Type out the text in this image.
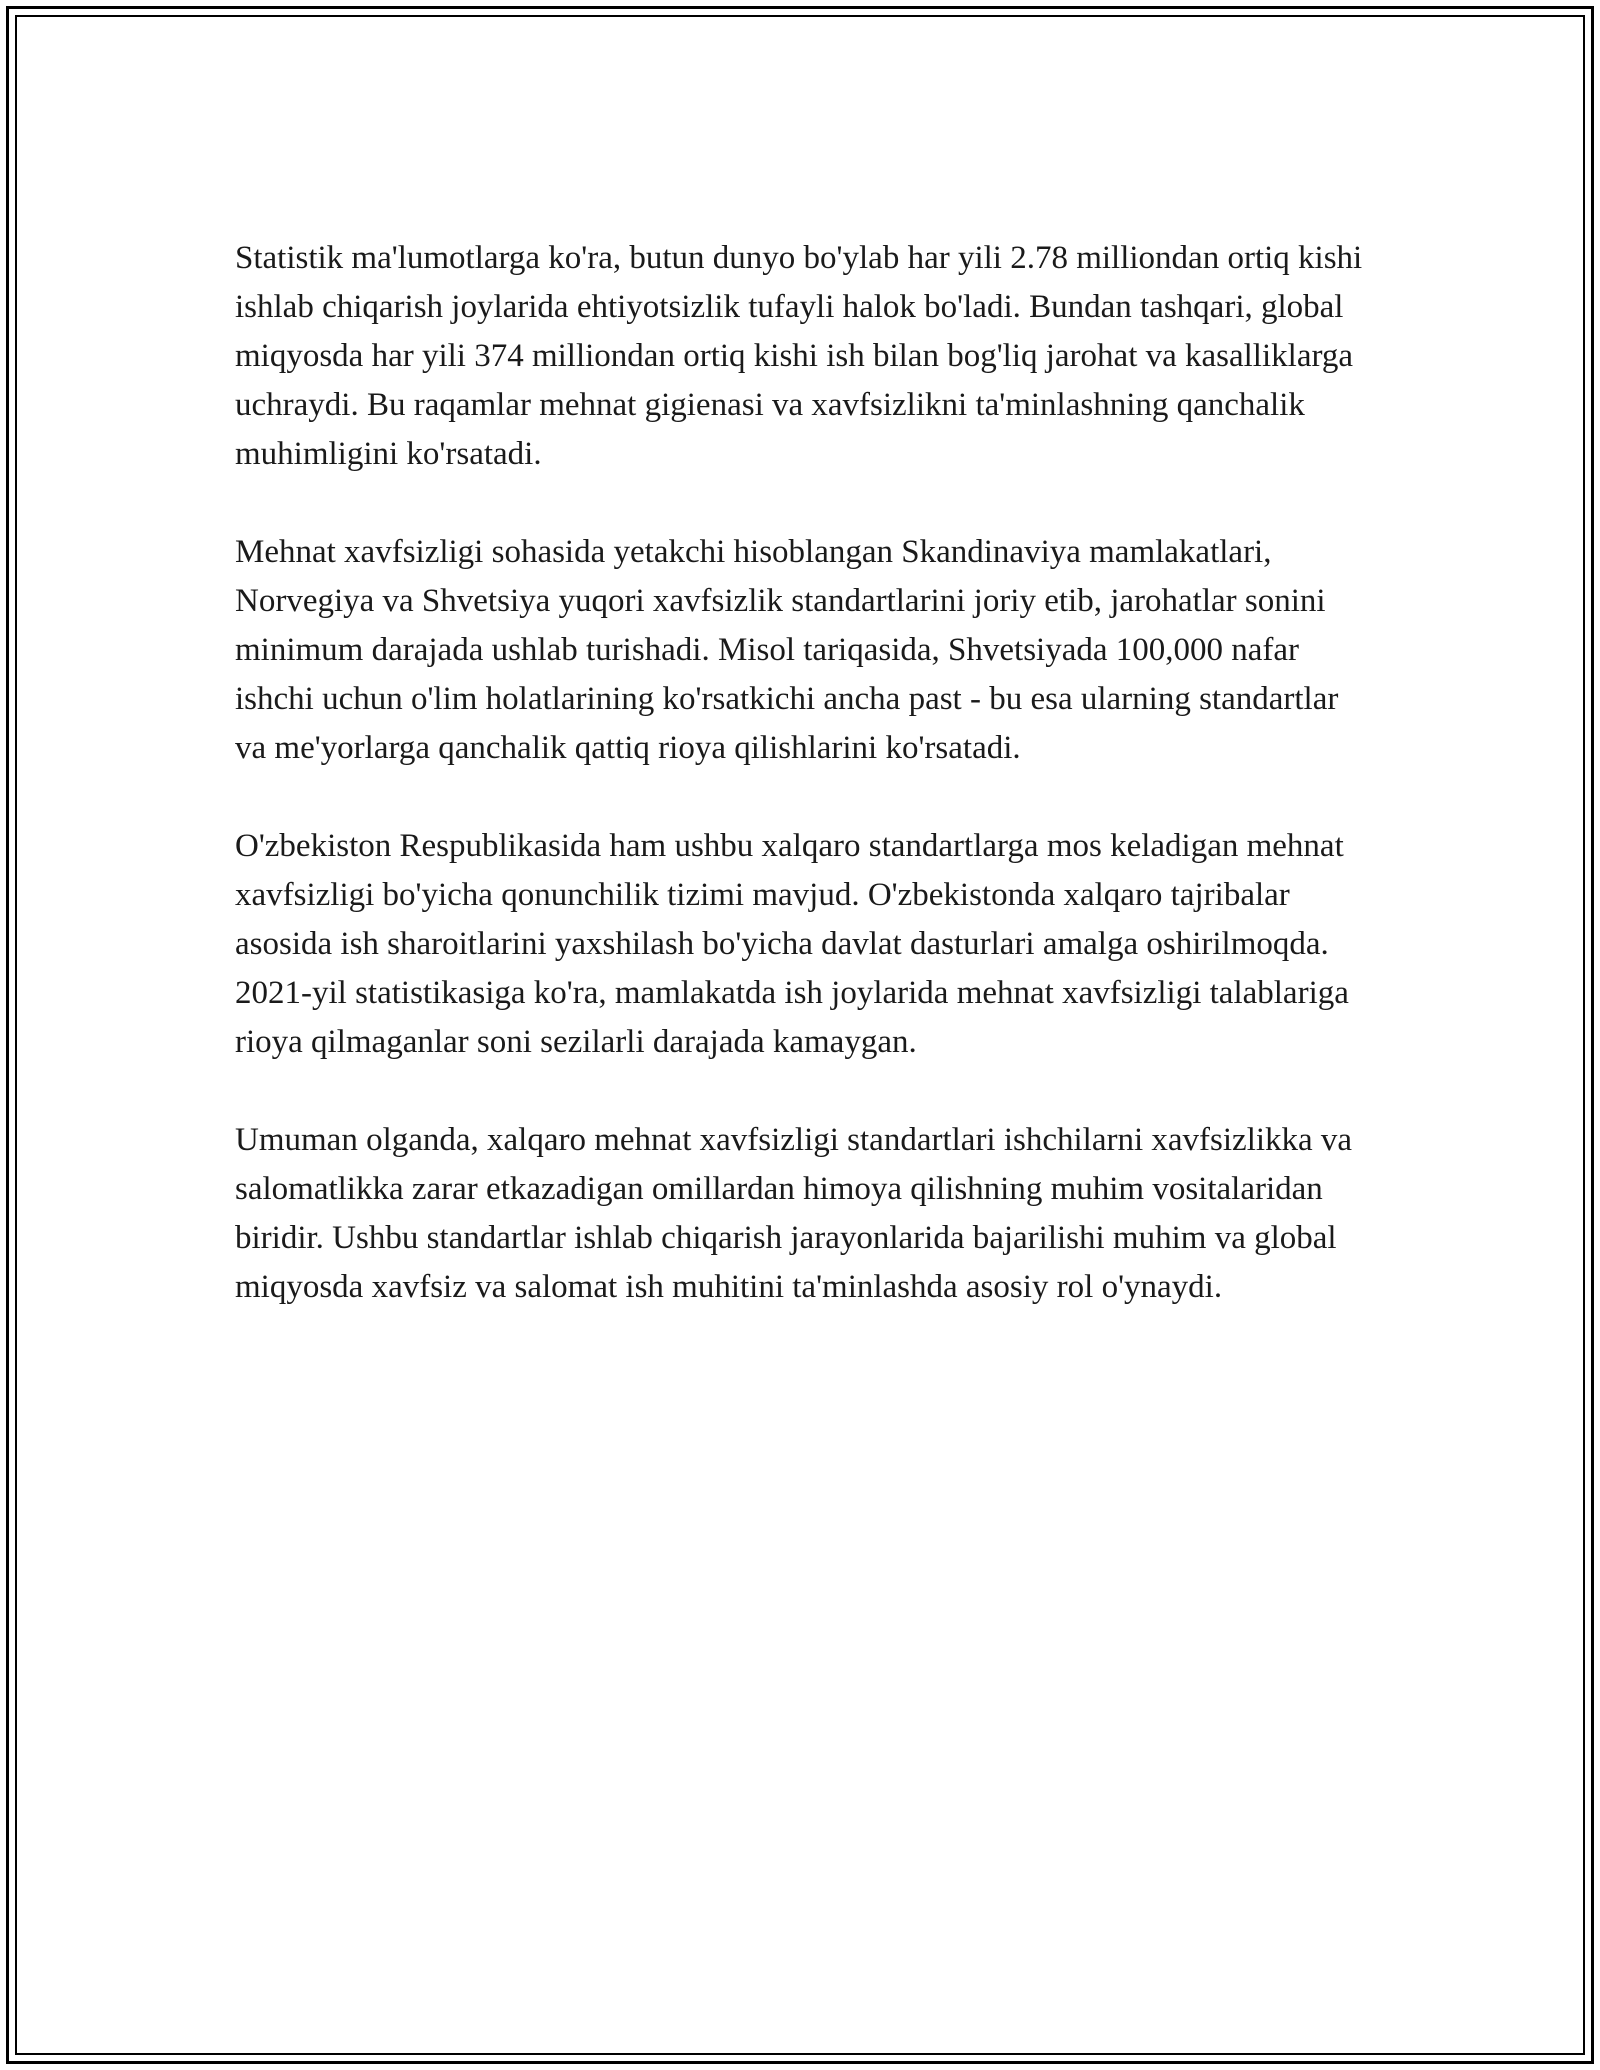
Statistik ma'lumotlarga ko'ra, butun dunyo bo'ylab har yili 2.78 milliondan ortiq kishi ishlab chiqarish joylarida ehtiyotsizlik tufayli halok bo'ladi. Bundan tashqari, global miqyosda har yili 374 milliondan ortiq kishi ish bilan bog'liq jarohat va kasalliklarga uchraydi. Bu raqamlar mehnat gigienasi va xavfsizlikni ta'minlashning qanchalik muhimligini ko'rsatadi.

Mehnat xavfsizligi sohasida yetakchi hisoblangan Skandinaviya mamlakatlari, Norvegiya va Shvetsiya yuqori xavfsizlik standartlarini joriy etib, jarohatlar sonini minimum darajada ushlab turishadi. Misol tariqasida, Shvetsiyada 100,000 nafar ishchi uchun o'lim holatlarining ko'rsatkichi ancha past - bu esa ularning standartlar va me'yorlarga qanchalik qattiq rioya qilishlarini ko'rsatadi.

O'zbekiston Respublikasida ham ushbu xalqaro standartlarga mos keladigan mehnat xavfsizligi bo'yicha qonunchilik tizimi mavjud. O'zbekistonda xalqaro tajribalar asosida ish sharoitlarini yaxshilash bo'yicha davlat dasturlari amalga oshirilmoqda. 2021-yil statistikasiga ko'ra, mamlakatda ish joylarida mehnat xavfsizligi talablariga rioya qilmaganlar soni sezilarli darajada kamaygan.

Umuman olganda, xalqaro mehnat xavfsizligi standartlari ishchilarni xavfsizlikka va salomatlikka zarar etkazadigan omillardan himoya qilishning muhim vositalaridan biridir. Ushbu standartlar ishlab chiqarish jarayonlarida bajarilishi muhim va global miqyosda xavfsiz va salomat ish muhitini ta'minlashda asosiy rol o'ynaydi.
